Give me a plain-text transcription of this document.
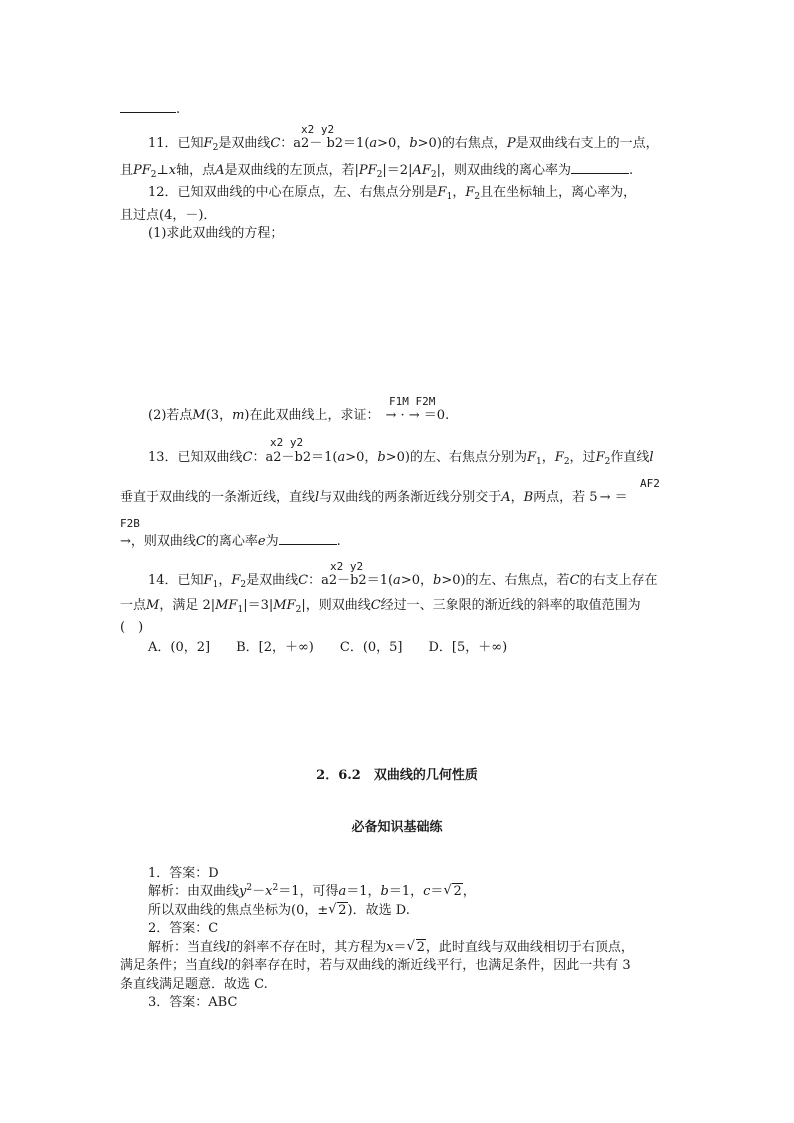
.
x2 y2
11．已知$F_2$是双曲线C：a2－ b2＝1(a>0，b>0)的右焦点，P是双曲线右支上的一点，
且$PF_2\perp x$轴，点A是双曲线的左顶点，若$|PF_2|=2|AF_2|$，则双曲线的离心率为	.
12．已知双曲线的中心在原点，左、右焦点分别是$F_1$，$F_2$且在坐标轴上，离心率为，
且过点(4，－)．
(1)求此双曲线的方程；
F1M F2M
(2)若点M(3，m)在此双曲线上，求证： → · → ＝0.
x2 y2
13．已知双曲线C：a2－b2＝1(a>0，b>0)的左、右焦点分别为$F_1$，$F_2$，过$F_2$作直线l
AF2
垂直于双曲线的一条渐近线，直线l与双曲线的两条渐近线分别交于A，B两点，若 5 → ＝
F2B
→，则双曲线C的离心率e为	.
x2 y2
14．已知$F_1$，$F_2$是双曲线C：a2－b2＝1(a>0，b>0)的左、右焦点，若C的右支上存在
一点M，满足 $2|MF_1|=3|MF_2|$，则双曲线C经过一、三象限的渐近线的斜率的取值范围为
(　)
A．(0，2]　　B．[2，＋∞)　　C．(0，5]　　D．[5，＋∞)
2．6.2　双曲线的几何性质
必备知识基础练
1．答案：D
解析：由双曲线$y^2-x^2=1$，可得a＝1，b＝1，c＝ √ 2，
所以双曲线的焦点坐标为(0，± √ 2)．故选 D.
2．答案：C
解析：当直线l的斜率不存在时，其方程为x＝ √ 2，此时直线与双曲线相切于右顶点，
满足条件；当直线l的斜率存在时，若与双曲线的渐近线平行，也满足条件，因此一共有 3
条直线满足题意．故选 C.
3．答案：ABC
